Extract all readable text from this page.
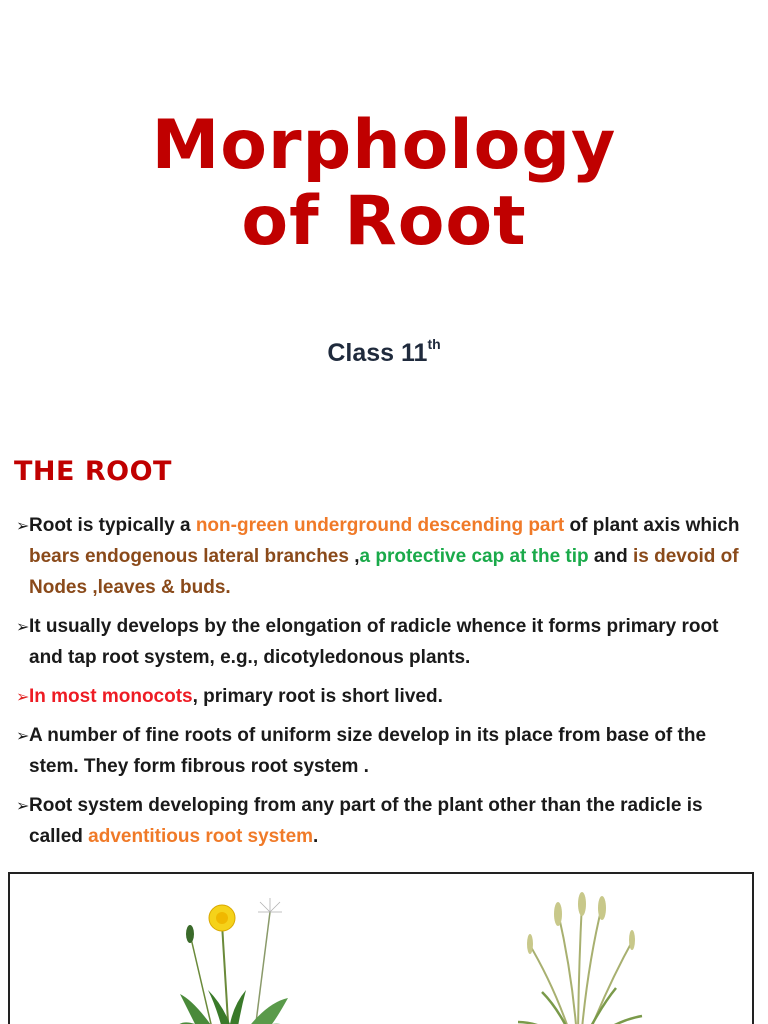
Morphology
of Root
Class 11th
THE ROOT
➢ Root is typically a non-green underground descending part of plant axis which bears endogenous lateral branches ,a protective cap at the tip and is devoid of Nodes ,leaves & buds.
➢ It usually develops by the elongation of radicle whence it forms primary root and tap root system, e.g., dicotyledonous plants.
➢ In most monocots, primary root is short lived.
➢ A number of fine roots of uniform size develop in its place from base of the stem. They form fibrous root system .
➢ Root system developing from any part of the plant other than the radicle is called adventitious root system.
